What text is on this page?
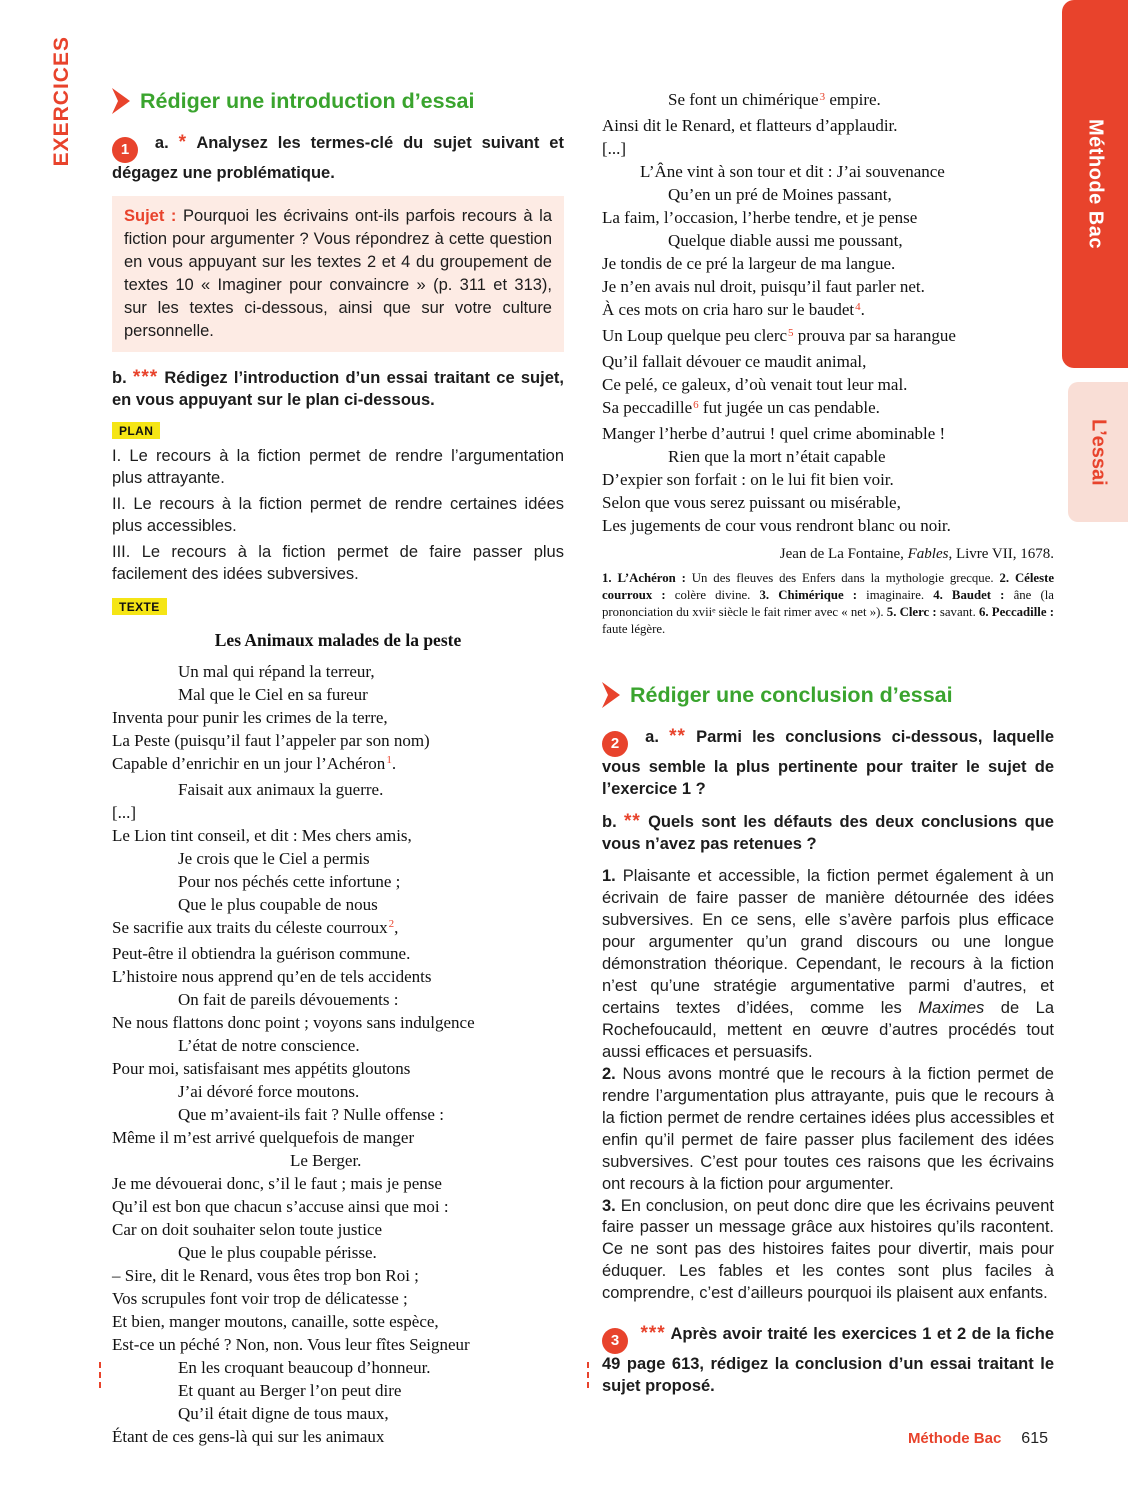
EXERCICES
Méthode Bac
L’essai
Rédiger une introduction d’essai

1 a. * Analysez les termes-clé du sujet suivant et dégagez une problématique.

Sujet : Pourquoi les écrivains ont-ils parfois recours à la fiction pour argumenter ? Vous répondrez à cette question en vous appuyant sur les textes 2 et 4 du groupement de textes 10 « Imaginer pour convaincre » (p. 311 et 313), sur les textes ci-dessous, ainsi que sur votre culture personnelle.

b. *** Rédigez l’introduction d’un essai traitant ce sujet, en vous appuyant sur le plan ci-dessous.

PLAN

I. Le recours à la fiction permet de rendre l’argumentation plus attrayante.

II. Le recours à la fiction permet de rendre certaines idées plus accessibles.

III. Le recours à la fiction permet de faire passer plus facilement des idées subversives.

TEXTE
Les Animaux malades de la peste
Un mal qui répand la terreur,
Mal que le Ciel en sa fureur
Inventa pour punir les crimes de la terre,
La Peste (puisqu’il faut l’appeler par son nom)
Capable d’enrichir en un jour l’Achéron$^1$.
Faisait aux animaux la guerre.
[...]
Le Lion tint conseil, et dit : Mes chers amis,
Je crois que le Ciel a permis
Pour nos péchés cette infortune ;
Que le plus coupable de nous
Se sacrifie aux traits du céleste courroux$^2$,
Peut-être il obtiendra la guérison commune.
L’histoire nous apprend qu’en de tels accidents
On fait de pareils dévouements :
Ne nous flattons donc point ; voyons sans indulgence
L’état de notre conscience.
Pour moi, satisfaisant mes appétits gloutons
J’ai dévoré force moutons.
Que m’avaient-ils fait ? Nulle offense :
Même il m’est arrivé quelquefois de manger
Le Berger.
Je me dévouerai donc, s’il le faut ; mais je pense
Qu’il est bon que chacun s’accuse ainsi que moi :
Car on doit souhaiter selon toute justice
Que le plus coupable périsse.
– Sire, dit le Renard, vous êtes trop bon Roi ;
Vos scrupules font voir trop de délicatesse ;
Et bien, manger moutons, canaille, sotte espèce,
Est-ce un péché ? Non, non. Vous leur fîtes Seigneur
En les croquant beaucoup d’honneur.
Et quant au Berger l’on peut dire
Qu’il était digne de tous maux,
Étant de ces gens-là qui sur les animaux
Se font un chimérique$^3$ empire.
Ainsi dit le Renard, et flatteurs d’applaudir.
[...]
L’Âne vint à son tour et dit : J’ai souvenance
Qu’en un pré de Moines passant,
La faim, l’occasion, l’herbe tendre, et je pense
Quelque diable aussi me poussant,
Je tondis de ce pré la largeur de ma langue.
Je n’en avais nul droit, puisqu’il faut parler net.
À ces mots on cria haro sur le baudet$^4$.
Un Loup quelque peu clerc$^5$ prouva par sa harangue
Qu’il fallait dévouer ce maudit animal,
Ce pelé, ce galeux, d’où venait tout leur mal.
Sa peccadille$^6$ fut jugée un cas pendable.
Manger l’herbe d’autrui ! quel crime abominable !
Rien que la mort n’était capable
D’expier son forfait : on le lui fit bien voir.
Selon que vous serez puissant ou misérable,
Les jugements de cour vous rendront blanc ou noir.
Jean de La Fontaine, Fables, Livre VII, 1678.
1. L’Achéron : Un des fleuves des Enfers dans la mythologie grecque. 2. Céleste courroux : colère divine. 3. Chimérique : imaginaire. 4. Baudet : âne (la prononciation du xviiᵉ siècle le fait rimer avec « net »). 5. Clerc : savant. 6. Peccadille : faute légère.
Rédiger une conclusion d’essai

2 a. ** Parmi les conclusions ci-dessous, laquelle vous semble la plus pertinente pour traiter le sujet de l’exercice 1 ?

b. ** Quels sont les défauts des deux conclusions que vous n’avez pas retenues ?

1. Plaisante et accessible, la fiction permet également à un écrivain de faire passer de manière détournée des idées subversives. En ce sens, elle s’avère parfois plus efficace pour argumenter qu’un grand discours ou une longue démonstration théorique. Cependant, le recours à la fiction n’est qu’une stratégie argumentative parmi d’autres, et certains textes d’idées, comme les Maximes de La Rochefoucauld, mettent en œuvre d’autres procédés tout aussi efficaces et persuasifs.

2. Nous avons montré que le recours à la fiction permet de rendre l’argumentation plus attrayante, puis que le recours à la fiction permet de rendre certaines idées plus accessibles et enfin qu’il permet de faire passer plus facilement des idées subversives. C’est pour toutes ces raisons que les écrivains ont recours à la fiction pour argumenter.

3. En conclusion, on peut donc dire que les écrivains peuvent faire passer un message grâce aux histoires qu’ils racontent. Ce ne sont pas des histoires faites pour divertir, mais pour éduquer. Les fables et les contes sont plus faciles à comprendre, c’est d’ailleurs pourquoi ils plaisent aux enfants.

3 *** Après avoir traité les exercices 1 et 2 de la fiche 49 page 613, rédigez la conclusion d’un essai traitant le sujet proposé.

Méthode Bac 615
